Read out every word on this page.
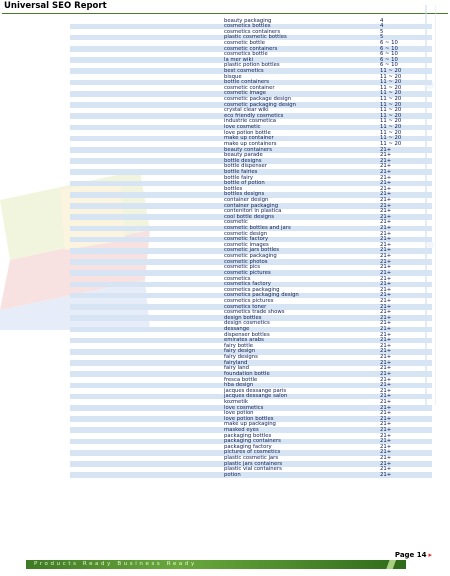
Universal SEO Report
beauty packaging	4
cosmetics bottles	4
cosmetics containers	5
plastic cosmetic bottles	5
cosmetic bottle	6 ~ 10
cosmetic containers	6 ~ 10
cosmetics bottle	6 ~ 10
la mer wiki	6 ~ 10
plastic potion bottles	6 ~ 10
best cosmetics	11 ~ 20
bisque	11 ~ 20
bottle containers	11 ~ 20
cosmetic container	11 ~ 20
cosmetic image	11 ~ 20
cosmetic package design	11 ~ 20
cosmetic packaging design	11 ~ 20
crystal clear wiki	11 ~ 20
eco friendly cosmetics	11 ~ 20
industrie cosmetica	11 ~ 20
love cosmetic	11 ~ 20
love potion bottle	11 ~ 20
make up container	11 ~ 20
make up containers	11 ~ 20
beauty containers	21+
beauty parade	21+
bottle designs	21+
bottle dispenser	21+
bottle fairies	21+
bottle fairy	21+
bottle of potion	21+
bottles	21+
bottles designs	21+
container design	21+
container packaging	21+
contenitori in plastica	21+
cool bottle designs	21+
cosmetic	21+
cosmetic bottles and jars	21+
cosmetic design	21+
cosmetic factory	21+
cosmetic images	21+
cosmetic jars bottles	21+
cosmetic packaging	21+
cosmetic photos	21+
cosmetic pics	21+
cosmetic pictures	21+
cosmetics	21+
cosmetics factory	21+
cosmetics packaging	21+
cosmetics packaging design	21+
cosmetics pictures	21+
cosmetics toner	21+
cosmetics trade shows	21+
design bottles	21+
design cosmetics	21+
dessange	21+
dispenser bottles	21+
emirates arabs	21+
fairy bottle	21+
fairy design	21+
fairy designs	21+
fairyland	21+
fairy land	21+
foundation bottle	21+
fresca bottle	21+
hba design	21+
jacques dessange paris	21+
jacques dessange salon	21+
kozmetik	21+
love cosmetics	21+
love potion	21+
love potion bottles	21+
make up packaging	21+
masked eyes	21+
packaging bottles	21+
packaging containers	21+
packaging factory	21+
pictures of cosmetics	21+
plastic cosmetic jars	21+
plastic jars containers	21+
plastic vial containers	21+
potion	21+
Page 14 ▸
Products Ready Business Ready
